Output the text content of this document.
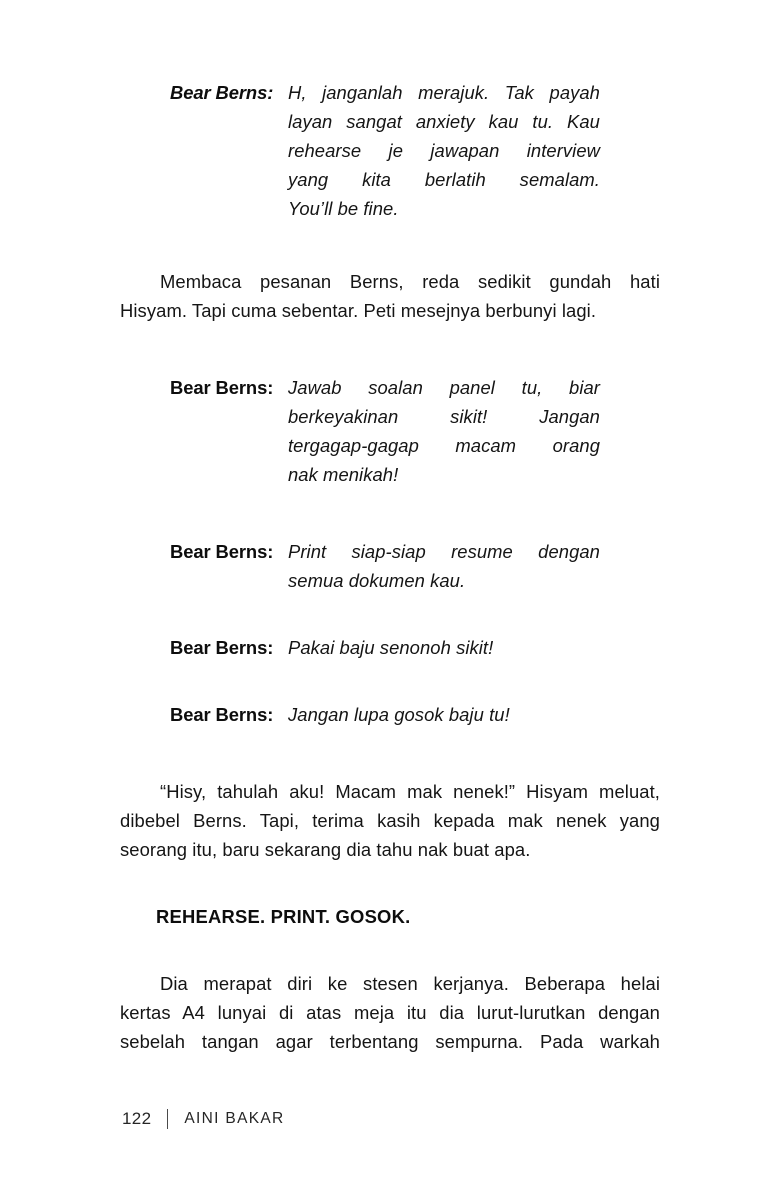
Bear Berns: H, janganlah merajuk. Tak payah
layan sangat anxiety kau tu. Kau
rehearse je jawapan interview
yang kita berlatih semalam.
You’ll be fine.

Membaca pesanan Berns, reda sedikit gundah hati
Hisyam. Tapi cuma sebentar. Peti mesejnya berbunyi lagi.

Bear Berns: Jawab soalan panel tu, biar
berkeyakinan sikit! Jangan
tergagap-gagap macam orang
nak menikah!
Bear Berns: Print siap-siap resume dengan
semua dokumen kau.
Bear Berns: Pakai baju senonoh sikit!
Bear Berns: Jangan lupa gosok baju tu!

“Hisy, tahulah aku! Macam mak nenek!” Hisyam meluat,
dibebel Berns. Tapi, terima kasih kepada mak nenek yang
seorang itu, baru sekarang dia tahu nak buat apa.

REHEARSE. PRINT. GOSOK.

Dia merapat diri ke stesen kerjanya. Beberapa helai
kertas A4 lunyai di atas meja itu dia lurut-lurutkan dengan
sebelah tangan agar terbentang sempurna. Pada warkah

122 AINI BAKAR
